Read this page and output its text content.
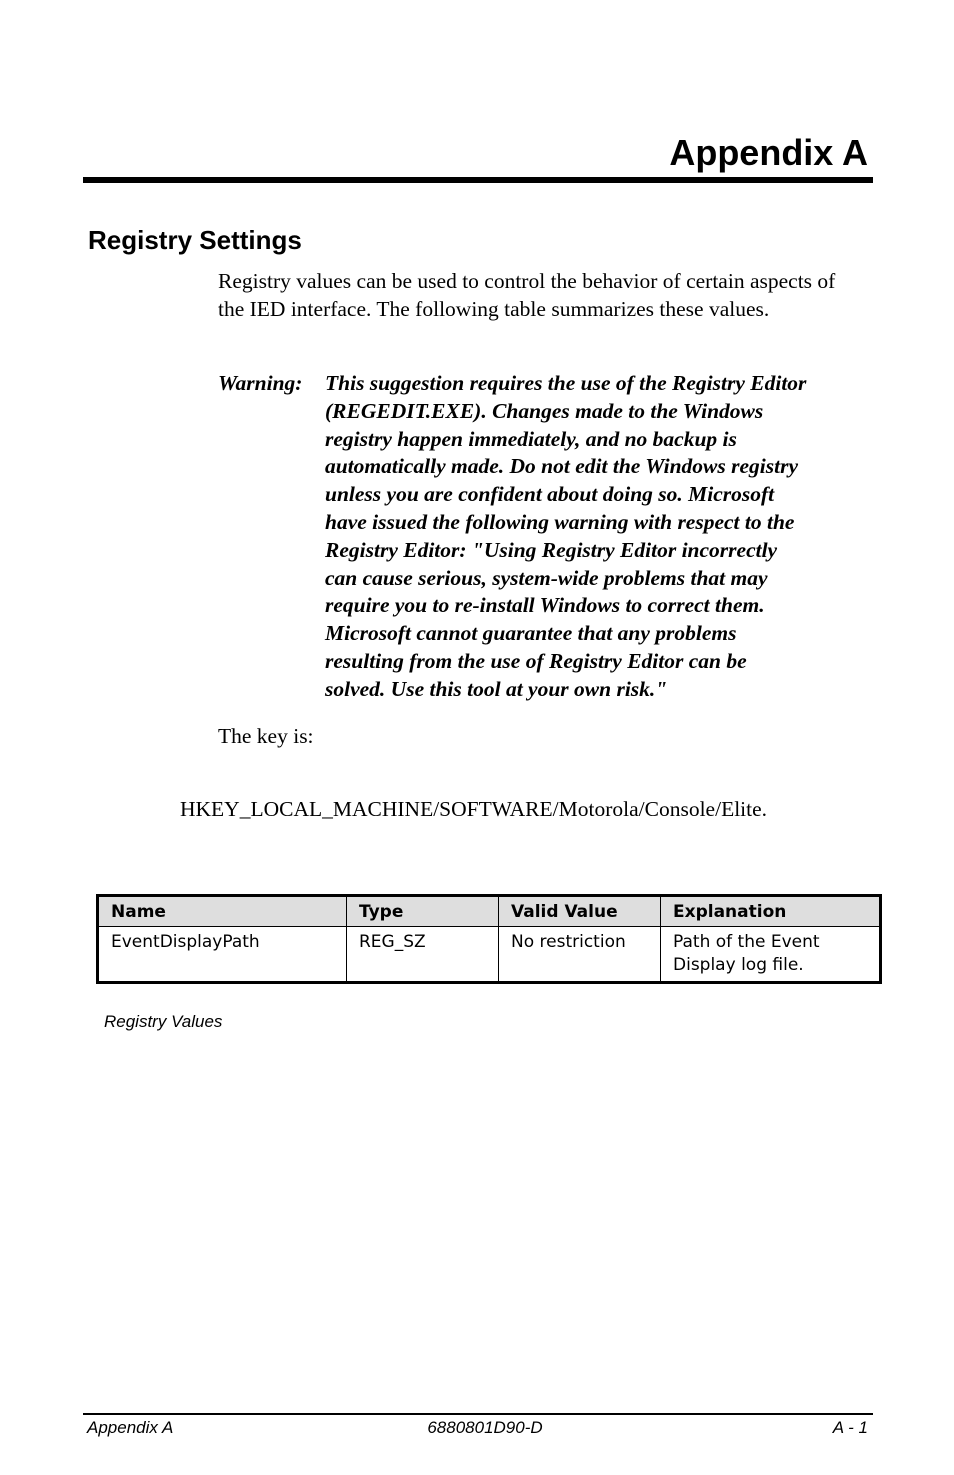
Appendix A
Registry Settings

Registry values can be used to control the behavior of certain aspects of the IED interface. The following table summarizes these values.

Warning: This suggestion requires the use of the Registry Editor
(REGEDIT.EXE). Changes made to the Windows
registry happen immediately, and no backup is
automatically made. Do not edit the Windows registry
unless you are confident about doing so. Microsoft
have issued the following warning with respect to the
Registry Editor: "Using Registry Editor incorrectly
can cause serious, system-wide problems that may
require you to re-install Windows to correct them.
Microsoft cannot guarantee that any problems
resulting from the use of Registry Editor can be
solved. Use this tool at your own risk."

The key is:

HKEY_LOCAL_MACHINE/SOFTWARE/Motorola/Console/Elite.

Name	Type	Valid Value	Explanation
EventDisplayPath	REG_SZ	No restriction	Path of the Event Display log file.

Registry Values

Appendix A	6880801D90-D	A - 1
